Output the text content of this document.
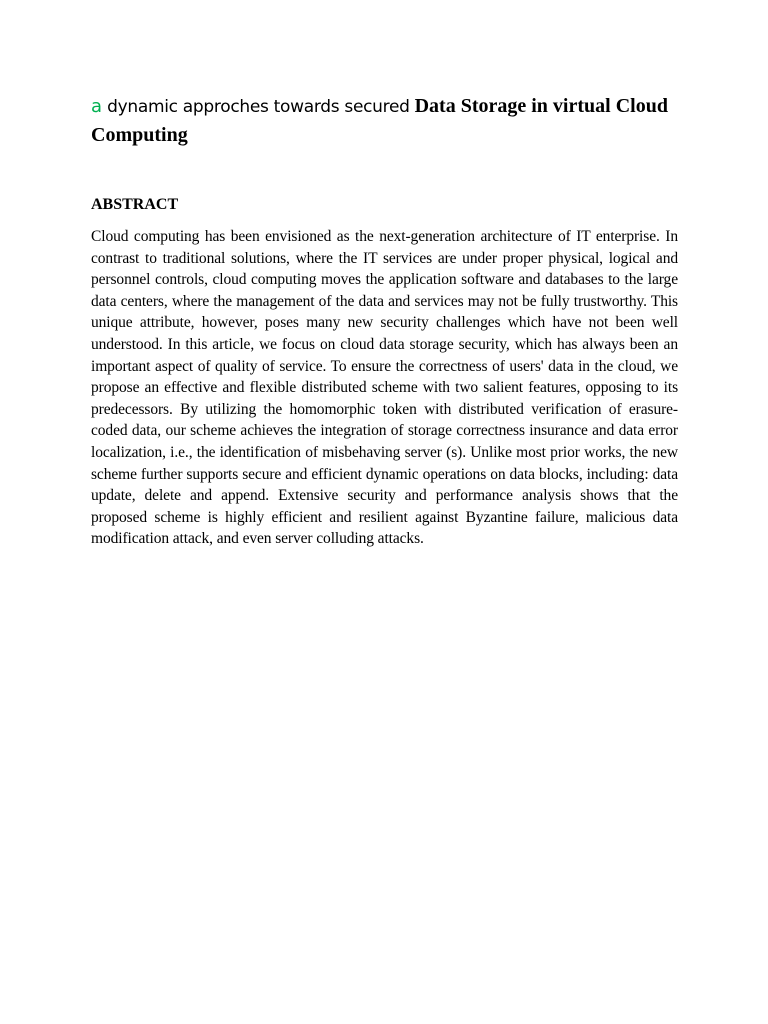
a dynamic approches towards secured Data Storage in virtual Cloud Computing
ABSTRACT

Cloud computing has been envisioned as the next-generation architecture of IT enterprise. In contrast to traditional solutions, where the IT services are under proper physical, logical and personnel controls, cloud computing moves the application software and databases to the large data centers, where the management of the data and services may not be fully trustworthy. This unique attribute, however, poses many new security challenges which have not been well understood. In this article, we focus on cloud data storage security, which has always been an important aspect of quality of service. To ensure the correctness of users' data in the cloud, we propose an effective and flexible distributed scheme with two salient features, opposing to its predecessors. By utilizing the homomorphic token with distributed verification of erasure-coded data, our scheme achieves the integration of storage correctness insurance and data error localization, i.e., the identification of misbehaving server (s). Unlike most prior works, the new scheme further supports secure and efficient dynamic operations on data blocks, including: data update, delete and append. Extensive security and performance analysis shows that the proposed scheme is highly efficient and resilient against Byzantine failure, malicious data modification attack, and even server colluding attacks.
